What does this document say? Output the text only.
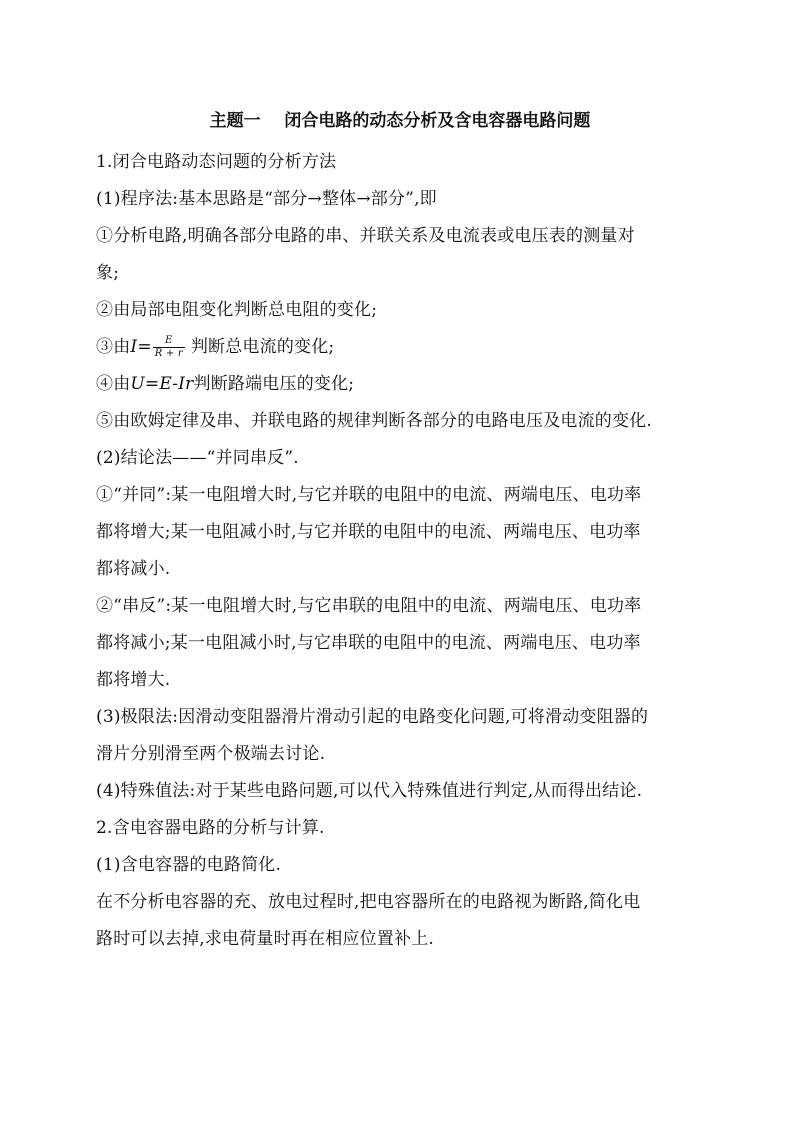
主题一    闭合电路的动态分析及含电容器电路问题
1.闭合电路动态问题的分析方法
(1)程序法:基本思路是“部分→整体→部分”,即
①分析电路,明确各部分电路的串、并联关系及电流表或电压表的测量对
象;
②由局部电阻变化判断总电阻的变化;
③由$I= \frac{E}{R + r}$ 判断总电流的变化;
④由U=E-Ir判断路端电压的变化;
⑤由欧姆定律及串、并联电路的规律判断各部分的电路电压及电流的变化.
(2)结论法——“并同串反”.
①“并同”:某一电阻增大时,与它并联的电阻中的电流、两端电压、电功率
都将增大;某一电阻减小时,与它并联的电阻中的电流、两端电压、电功率
都将减小.
②“串反”:某一电阻增大时,与它串联的电阻中的电流、两端电压、电功率
都将减小;某一电阻减小时,与它串联的电阻中的电流、两端电压、电功率
都将增大.
(3)极限法:因滑动变阻器滑片滑动引起的电路变化问题,可将滑动变阻器的
滑片分别滑至两个极端去讨论.
(4)特殊值法:对于某些电路问题,可以代入特殊值进行判定,从而得出结论.
2.含电容器电路的分析与计算.
(1)含电容器的电路简化.
在不分析电容器的充、放电过程时,把电容器所在的电路视为断路,简化电
路时可以去掉,求电荷量时再在相应位置补上.
